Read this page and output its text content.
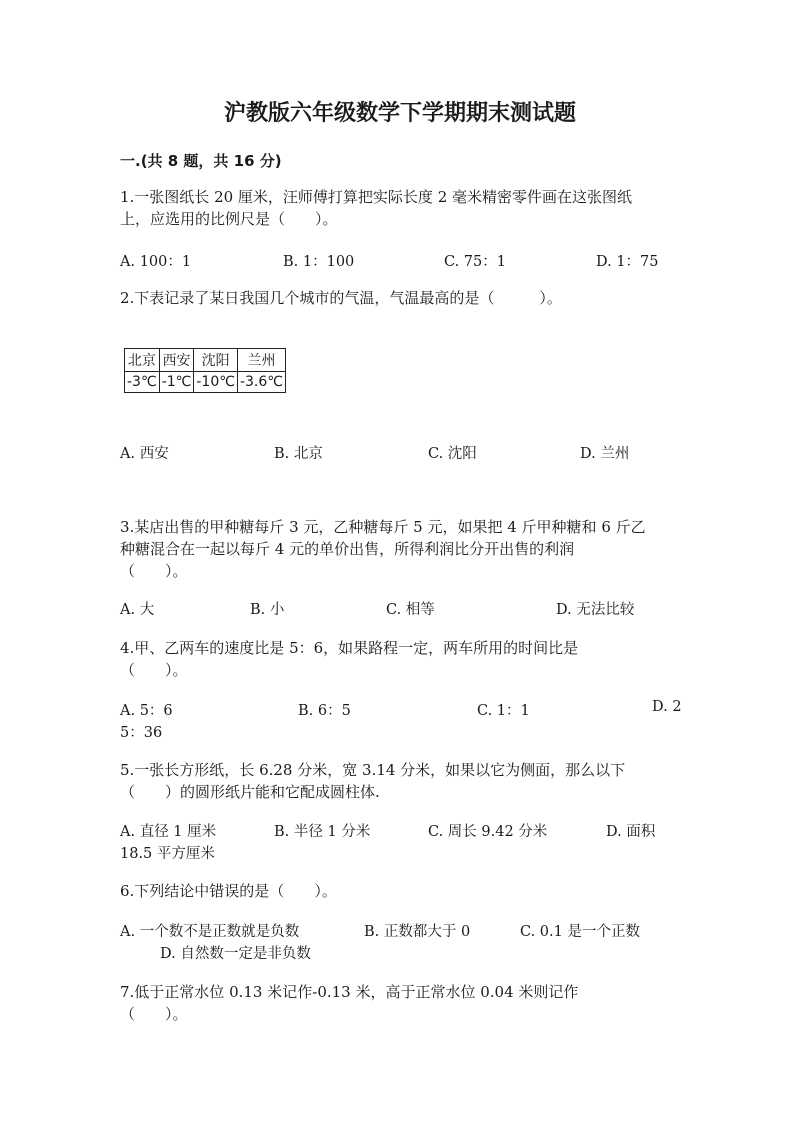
沪教版六年级数学下学期期末测试题
一.(共 8 题，共 16 分)
1.一张图纸长 20 厘米，汪师傅打算把实际长度 2 毫米精密零件画在这张图纸
上，应选用的比例尺是（　　）。
A. 100：1	B. 1：100	C. 75：1	D. 1：75
2.下表记录了某日我国几个城市的气温，气温最高的是（　　　）。
北京	西安	沈阳	兰州
-3℃	-1℃	-10℃	-3.6℃
A. 西安	B. 北京	C. 沈阳	D. 兰州
3.某店出售的甲种糖每斤 3 元，乙种糖每斤 5 元，如果把 4 斤甲种糖和 6 斤乙
种糖混合在一起以每斤 4 元的单价出售，所得利润比分开出售的利润
（　　）。
A. 大	B. 小	C. 相等	D. 无法比较
4.甲、乙两车的速度比是 5：6，如果路程一定，两车所用的时间比是
（　　）。
A. 5：6	B. 6：5	C. 1：1	D. 2
5：36
5.一张长方形纸，长 6.28 分米，宽 3.14 分米，如果以它为侧面，那么以下
（　　）的圆形纸片能和它配成圆柱体.
A. 直径 1 厘米	B. 半径 1 分米	C. 周长 9.42 分米	D. 面积
18.5 平方厘米
6.下列结论中错误的是（　　）。
A. 一个数不是正数就是负数	B. 正数都大于 0	C. 0.1 是一个正数
D. 自然数一定是非负数
7.低于正常水位 0.13 米记作-0.13 米，高于正常水位 0.04 米则记作
（　　）。
